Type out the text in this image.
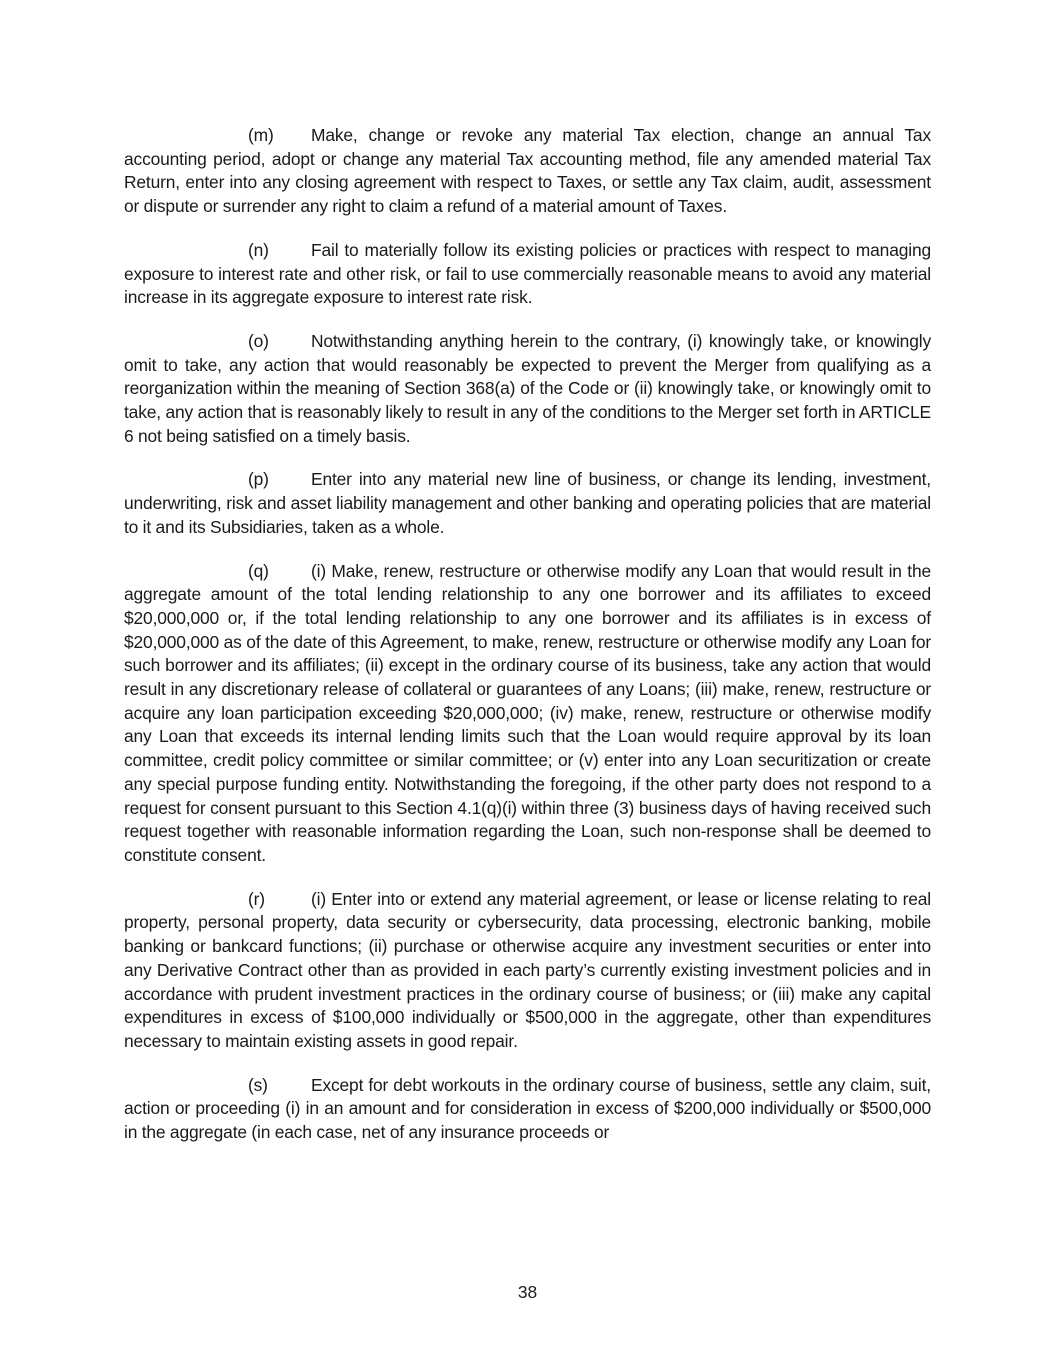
(m) Make, change or revoke any material Tax election, change an annual Tax accounting period, adopt or change any material Tax accounting method, file any amended material Tax Return, enter into any closing agreement with respect to Taxes, or settle any Tax claim, audit, assessment or dispute or surrender any right to claim a refund of a material amount of Taxes.

(n) Fail to materially follow its existing policies or practices with respect to managing exposure to interest rate and other risk, or fail to use commercially reasonable means to avoid any material increase in its aggregate exposure to interest rate risk.

(o) Notwithstanding anything herein to the contrary, (i) knowingly take, or knowingly omit to take, any action that would reasonably be expected to prevent the Merger from qualifying as a reorganization within the meaning of Section 368(a) of the Code or (ii) knowingly take, or knowingly omit to take, any action that is reasonably likely to result in any of the conditions to the Merger set forth in ARTICLE 6 not being satisfied on a timely basis.

(p) Enter into any material new line of business, or change its lending, investment, underwriting, risk and asset liability management and other banking and operating policies that are material to it and its Subsidiaries, taken as a whole.

(q) (i) Make, renew, restructure or otherwise modify any Loan that would result in the aggregate amount of the total lending relationship to any one borrower and its affiliates to exceed $20,000,000 or, if the total lending relationship to any one borrower and its affiliates is in excess of $20,000,000 as of the date of this Agreement, to make, renew, restructure or otherwise modify any Loan for such borrower and its affiliates; (ii) except in the ordinary course of its business, take any action that would result in any discretionary release of collateral or guarantees of any Loans; (iii) make, renew, restructure or acquire any loan participation exceeding $20,000,000; (iv) make, renew, restructure or otherwise modify any Loan that exceeds its internal lending limits such that the Loan would require approval by its loan committee, credit policy committee or similar committee; or (v) enter into any Loan securitization or create any special purpose funding entity. Notwithstanding the foregoing, if the other party does not respond to a request for consent pursuant to this Section 4.1(q)(i) within three (3) business days of having received such request together with reasonable information regarding the Loan, such non-response shall be deemed to constitute consent.

(r)	(i) Enter into or extend any material agreement, or lease or license relating to real property, personal property, data security or cybersecurity, data processing, electronic banking, mobile banking or bankcard functions; (ii) purchase or otherwise acquire any investment securities or enter into any Derivative Contract other than as provided in each party’s currently existing investment policies and in accordance with prudent investment practices in the ordinary course of business; or (iii) make any capital expenditures in excess of $100,000 individually or $500,000 in the aggregate, other than expenditures necessary to maintain existing assets in good repair.

(s) Except for debt workouts in the ordinary course of business, settle any claim, suit, action or proceeding (i) in an amount and for consideration in excess of $200,000 individually or $500,000 in the aggregate (in each case, net of any insurance proceeds or

38
